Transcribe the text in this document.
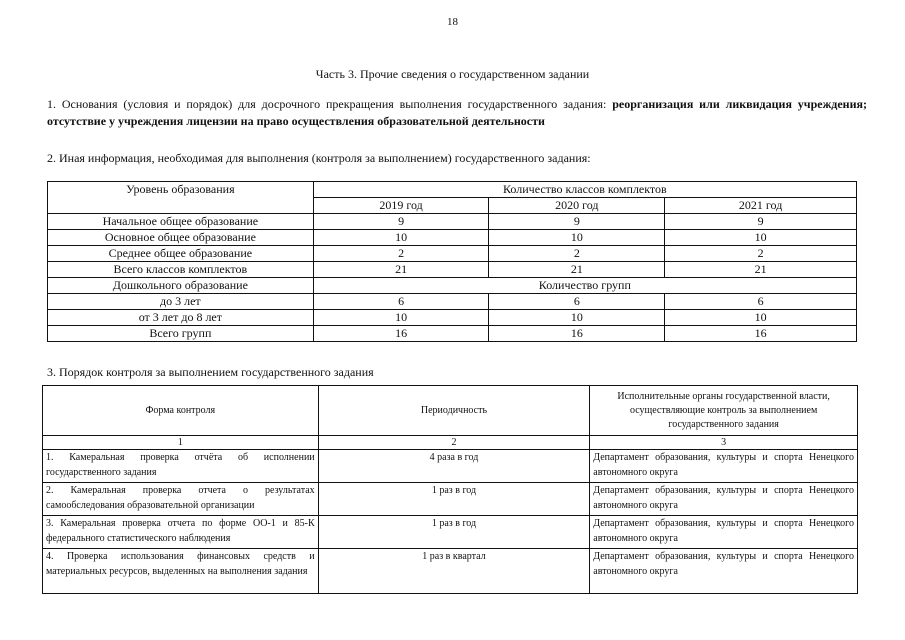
18
Часть 3. Прочие сведения о государственном задании
1. Основания (условия и порядок) для досрочного прекращения выполнения государственного задания: реорганизация или ликвидация учреждения; отсутствие у учреждения лицензии на право осуществления образовательной деятельности
2. Иная информация, необходимая для выполнения (контроля за выполнением) государственного задания:
Уровень образования	Количество классов комплектов		
	2019 год	2020 год	2021 год
Начальное общее образование	9	9	9
Основное общее образование	10	10	10
Среднее общее образование	2	2	2
Всего классов комплектов	21	21	21
Дошкольного образование	Количество групп		
до 3 лет	6	6	6
от 3 лет до 8 лет	10	10	10
Всего групп	16	16	16
3. Порядок контроля за выполнением государственного задания
Форма контроля	Периодичность	Исполнительные органы государственной власти, осуществляющие контроль за выполнением государственного задания
1	2	3
1. Камеральная проверка отчёта об исполнении государственного задания	4 раза в год	Департамент образования, культуры и спорта Ненецкого автономного округа
2. Камеральная проверка отчета о результатах самообследования образовательной организации	1 раз в год	Департамент образования, культуры и спорта Ненецкого автономного округа
3. Камеральная проверка отчета по форме ОО-1 и 85-К федерального статистического наблюдения	1 раз в год	Департамент образования, культуры и спорта Ненецкого автономного округа
4. Проверка использования финансовых средств и материальных ресурсов, выделенных на выполнения задания	1 раз в квартал	Департамент образования, культуры и спорта Ненецкого автономного округа
